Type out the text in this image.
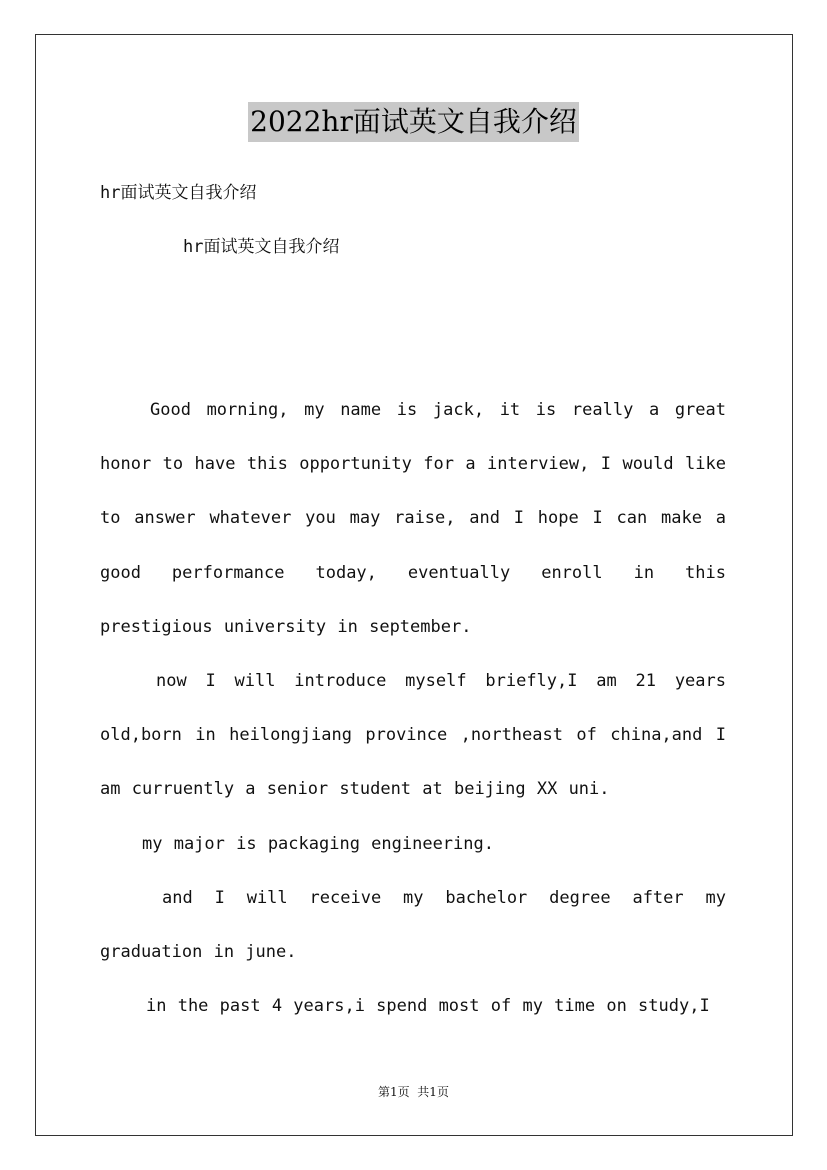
2022hr面试英文自我介绍
hr面试英文自我介绍
hr面试英文自我介绍

Good morning, my name is jack, it is really a great honor to have this opportunity for a interview, I would like to answer whatever you may raise, and I hope I can make a good performance today, eventually enroll in this prestigious university in september.

now I will introduce myself briefly,I am 21 years old,born in heilongjiang province ,northeast of china,and I am curruently a senior student at beijing XX uni.

my major is packaging engineering.

and I will receive my bachelor degree after my graduation in june.

in the past 4 years,i spend most of my time on study,I

第1页  共1页
